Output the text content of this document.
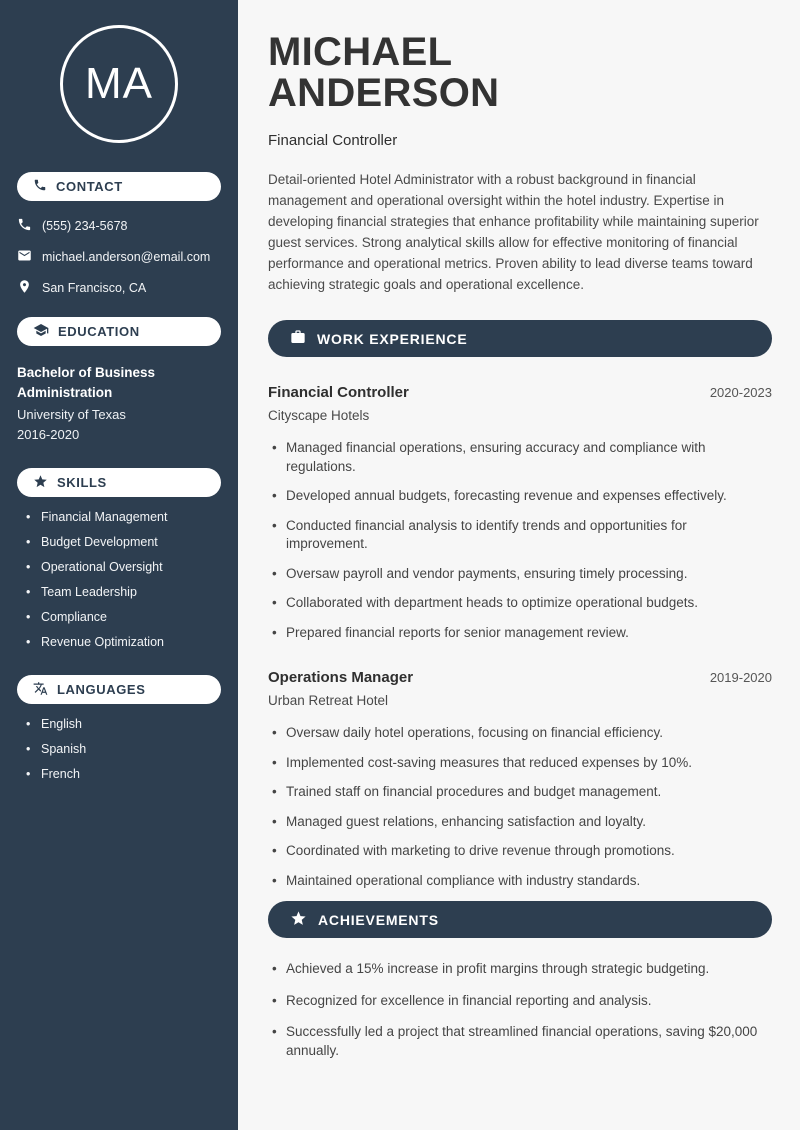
MA
CONTACT
(555) 234-5678
michael.anderson@email.com
San Francisco, CA
EDUCATION
Bachelor of Business Administration
University of Texas
2016-2020
SKILLS
• Financial Management
• Budget Development
• Operational Oversight
• Team Leadership
• Compliance
• Revenue Optimization
LANGUAGES
• English
• Spanish
• French
MICHAEL
ANDERSON
Financial Controller

Detail-oriented Hotel Administrator with a robust background in financial management and operational oversight within the hotel industry. Expertise in developing financial strategies that enhance profitability while maintaining superior guest services. Strong analytical skills allow for effective monitoring of financial performance and operational metrics. Proven ability to lead diverse teams toward achieving strategic goals and operational excellence.

WORK EXPERIENCE
Financial Controller	2020-2023
Cityscape Hotels
• Managed financial operations, ensuring accuracy and compliance with regulations.
• Developed annual budgets, forecasting revenue and expenses effectively.
• Conducted financial analysis to identify trends and opportunities for improvement.
• Oversaw payroll and vendor payments, ensuring timely processing.
• Collaborated with department heads to optimize operational budgets.
• Prepared financial reports for senior management review.
Operations Manager	2019-2020
Urban Retreat Hotel
• Oversaw daily hotel operations, focusing on financial efficiency.
• Implemented cost-saving measures that reduced expenses by 10%.
• Trained staff on financial procedures and budget management.
• Managed guest relations, enhancing satisfaction and loyalty.
• Coordinated with marketing to drive revenue through promotions.
• Maintained operational compliance with industry standards.
ACHIEVEMENTS
• Achieved a 15% increase in profit margins through strategic budgeting.
• Recognized for excellence in financial reporting and analysis.
• Successfully led a project that streamlined financial operations, saving $20,000 annually.
